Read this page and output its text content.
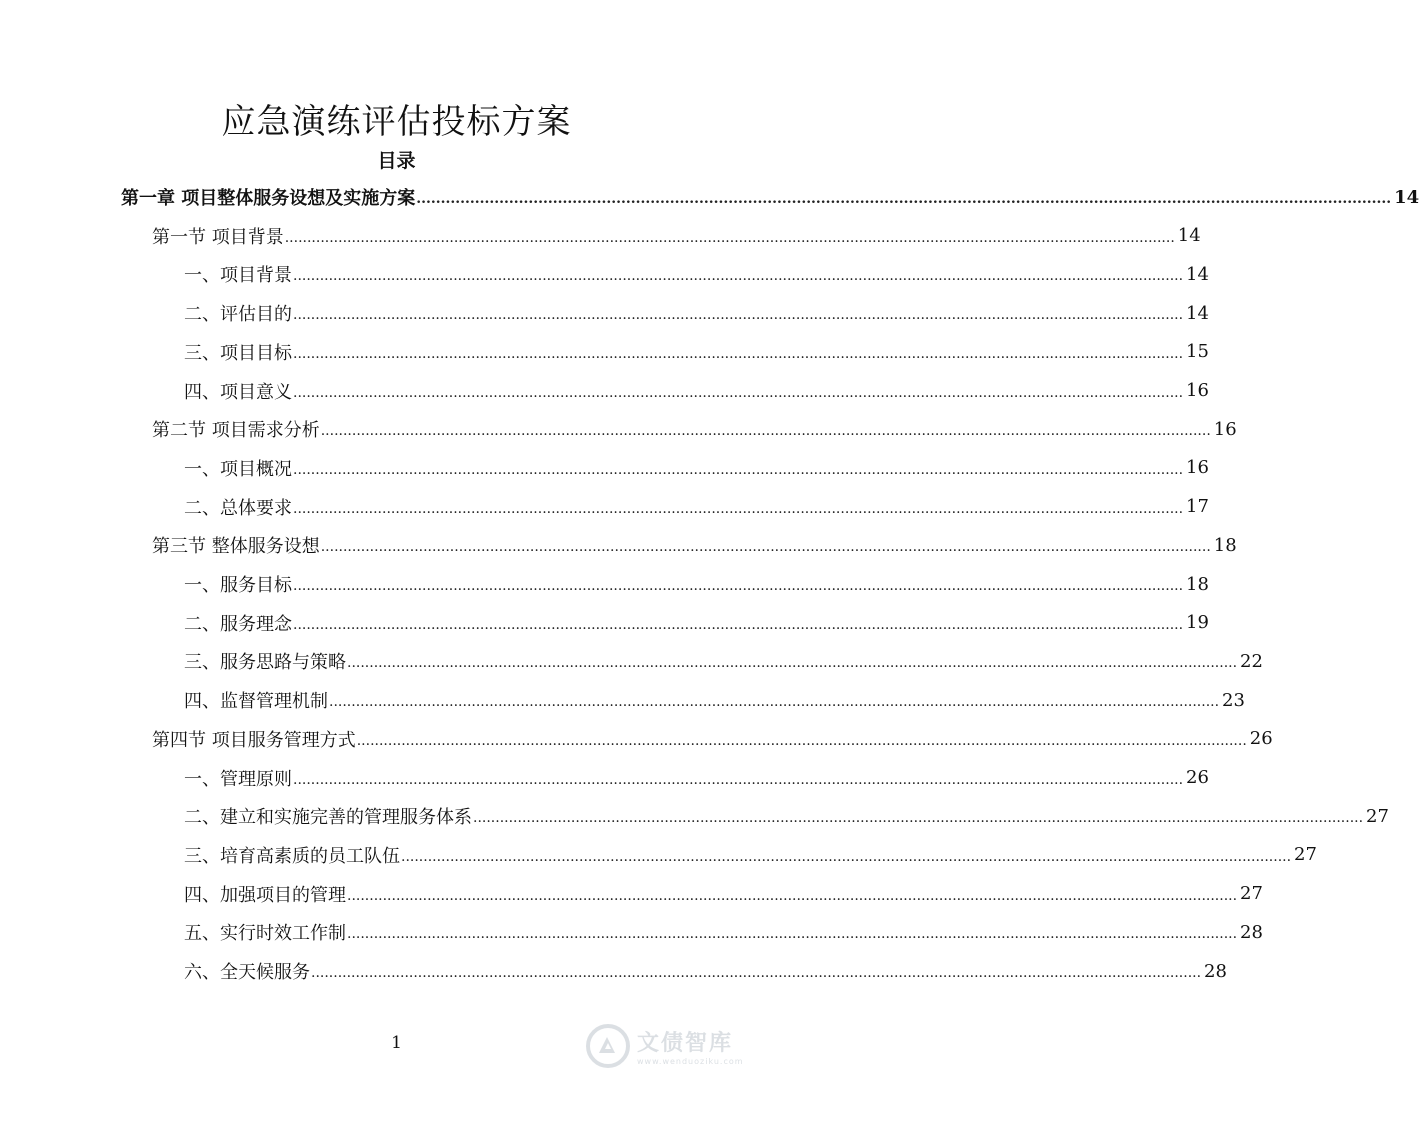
应急演练评估投标方案
目录
第一章 项目整体服务设想及实施方案 ........................................................................................................................................................................................................ 14
第一节 项目背景 ........................................................................................................................................................................................................ 14
一、项目背景 ........................................................................................................................................................................................................ 14
二、评估目的 ........................................................................................................................................................................................................ 14
三、项目目标 ........................................................................................................................................................................................................ 15
四、项目意义 ........................................................................................................................................................................................................ 16
第二节 项目需求分析 ........................................................................................................................................................................................................ 16
一、项目概况 ........................................................................................................................................................................................................ 16
二、总体要求 ........................................................................................................................................................................................................ 17
第三节 整体服务设想 ........................................................................................................................................................................................................ 18
一、服务目标 ........................................................................................................................................................................................................ 18
二、服务理念 ........................................................................................................................................................................................................ 19
三、服务思路与策略 ........................................................................................................................................................................................................ 22
四、监督管理机制 ........................................................................................................................................................................................................ 23
第四节 项目服务管理方式 ........................................................................................................................................................................................................ 26
一、管理原则 ........................................................................................................................................................................................................ 26
二、建立和实施完善的管理服务体系 ........................................................................................................................................................................................................ 27
三、培育高素质的员工队伍 ........................................................................................................................................................................................................ 27
四、加强项目的管理 ........................................................................................................................................................................................................ 27
五、实行时效工作制 ........................................................................................................................................................................................................ 28
六、全天候服务 ........................................................................................................................................................................................................ 28
1	文债智库
www.wenduoziku.com
